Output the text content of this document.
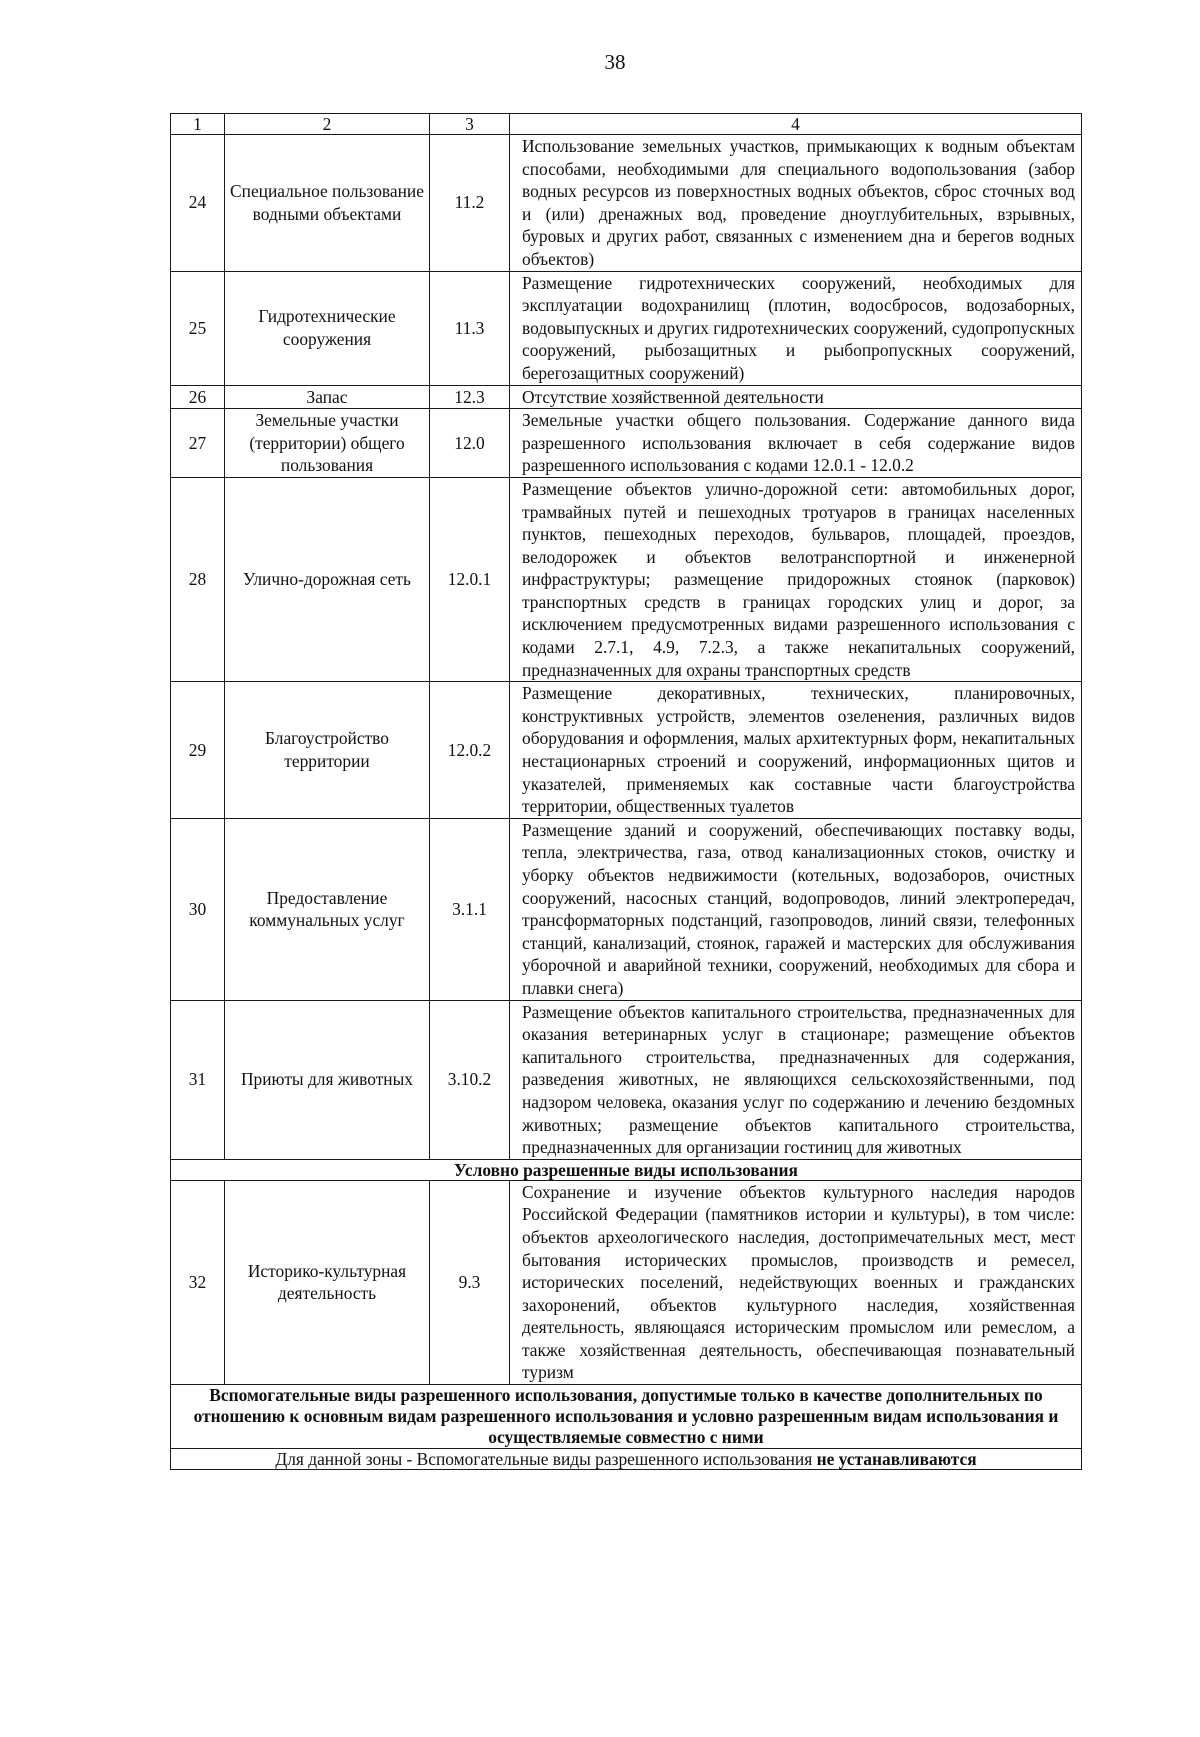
38
1	2	3	4
24	Специальное пользование водными объектами	11.2	Использование земельных участков, примыкающих к водным объектам способами, необходимыми для специального водопользования (забор водных ресурсов из поверхностных водных объектов, сброс сточных вод и (или) дренажных вод, проведение дноуглубительных, взрывных, буровых и других работ, связанных с изменением дна и берегов водных объектов)
25	Гидротехнические сооружения	11.3	Размещение гидротехнических сооружений, необходимых для эксплуатации водохранилищ (плотин, водосбросов, водозаборных, водовыпускных и других гидротехнических сооружений, судопропускных сооружений, рыбозащитных и рыбопропускных сооружений, берегозащитных сооружений)
26	Запас	12.3	Отсутствие хозяйственной деятельности
27	Земельные участки (территории) общего пользования	12.0	Земельные участки общего пользования. Содержание данного вида разрешенного использования включает в себя содержание видов разрешенного использования с кодами 12.0.1 - 12.0.2
28	Улично-дорожная сеть	12.0.1	Размещение объектов улично-дорожной сети: автомобильных дорог, трамвайных путей и пешеходных тротуаров в границах населенных пунктов, пешеходных переходов, бульваров, площадей, проездов, велодорожек и объектов велотранспортной и инженерной инфраструктуры; размещение придорожных стоянок (парковок) транспортных средств в границах городских улиц и дорог, за исключением предусмотренных видами разрешенного использования с кодами 2.7.1, 4.9, 7.2.3, а также некапитальных сооружений, предназначенных для охраны транспортных средств
29	Благоустройство территории	12.0.2	Размещение декоративных, технических, планировочных, конструктивных устройств, элементов озеленения, различных видов оборудования и оформления, малых архитектурных форм, некапитальных нестационарных строений и сооружений, информационных щитов и указателей, применяемых как составные части благоустройства территории, общественных туалетов
30	Предоставление коммунальных услуг	3.1.1	Размещение зданий и сооружений, обеспечивающих поставку воды, тепла, электричества, газа, отвод канализационных стоков, очистку и уборку объектов недвижимости (котельных, водозаборов, очистных сооружений, насосных станций, водопроводов, линий электропередач, трансформаторных подстанций, газопроводов, линий связи, телефонных станций, канализаций, стоянок, гаражей и мастерских для обслуживания уборочной и аварийной техники, сооружений, необходимых для сбора и плавки снега)
31	Приюты для животных	3.10.2	Размещение объектов капитального строительства, предназначенных для оказания ветеринарных услуг в стационаре; размещение объектов капитального строительства, предназначенных для содержания, разведения животных, не являющихся сельскохозяйственными, под надзором человека, оказания услуг по содержанию и лечению бездомных животных; размещение объектов капитального строительства, предназначенных для организации гостиниц для животных
Условно разрешенные виды использования			
32	Историко-культурная деятельность	9.3	Сохранение и изучение объектов культурного наследия народов Российской Федерации (памятников истории и культуры), в том числе: объектов археологического наследия, достопримечательных мест, мест бытования исторических промыслов, производств и ремесел, исторических поселений, недействующих военных и гражданских захоронений, объектов культурного наследия, хозяйственная деятельность, являющаяся историческим промыслом или ремеслом, а также хозяйственная деятельность, обеспечивающая познавательный туризм
Вспомогательные виды разрешенного использования, допустимые только в качестве дополнительных по отношению к основным видам разрешенного использования и условно разрешенным видам использования и осуществляемые совместно с ними			
Для данной зоны - Вспомогательные виды разрешенного использования не устанавливаются			
